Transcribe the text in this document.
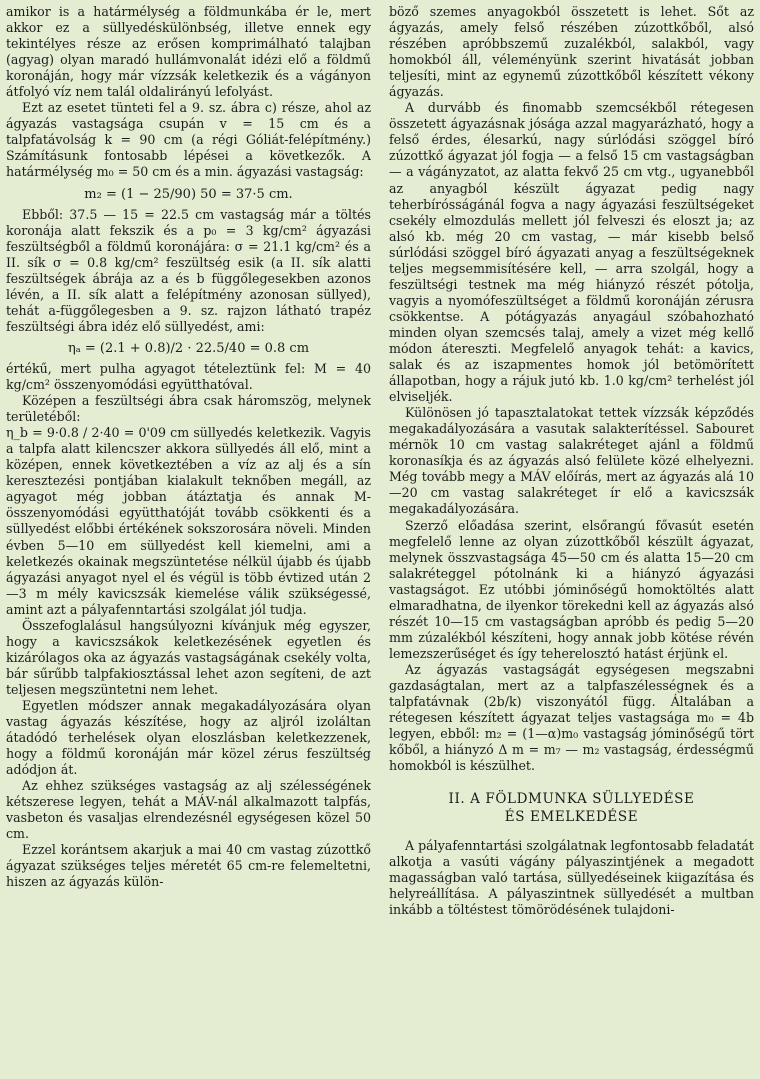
amikor is a határmélység a földmunkába ér le, mert akkor ez a süllyedéskülönbség, illetve ennek egy tekintélyes része az erősen komprimálható talajban (agyag) olyan maradó hullámvonalát idézi elő a földmű koronáján, hogy már vízzsák keletkezik és a vágányon átfolyó víz nem talál oldalirányú lefolyást.

Ezt az esetet tünteti fel a 9. sz. ábra c) része, ahol az ágyazás vastagsága csupán v = 15 cm és a talpfatávolság k = 90 cm (a régi Góliát-felépítmény.) Számításunk fontosabb lépései a következők. A határmélység m₀ = 50 cm és a min. ágyazási vastagság:

m₂ = (1 − 25/90) 50 = 37·5 cm.

Ebből: 37.5 — 15 = 22.5 cm vastagság már a töltés koronája alatt fekszik és a p₀ = 3 kg/cm² ágyazási feszültségből a földmű koronájára: σ = 21.1 kg/cm² és a II. sík σ = 0.8 kg/cm² feszültség esik (a II. sík alatti feszültségek ábrája az a és b függőlegesekben azonos lévén, a II. sík alatt a felépítmény azonosan süllyed), tehát a-függőlegesben a 9. sz. rajzon látható trapéz feszültségi ábra idéz elő süllyedést, ami:

ηₐ = (2.1 + 0.8)/2 · 22.5/40 = 0.8 cm

értékű, mert pulha agyagot tételeztünk fel: M = 40 kg/cm² összenyomódási együtthatóval.

Középen a feszültségi ábra csak háromszög, melynek területéből:

η_b = 9·0.8 / 2·40 = 0'09 cm süllyedés keletkezik. Vagyis a talpfa alatt kilencszer akkora süllyedés áll elő, mint a középen, ennek következtében a víz az alj és a sín keresztezési pontjában kialakult teknőben megáll, az agyagot még jobban átáztatja és annak M-összenyomódási együtthatóját tovább csökkenti és a süllyedést előbbi értékének sokszorosára növeli. Minden évben 5—10 em süllyedést kell kiemelni, ami a keletkezés okainak megszüntetése nélkül újabb és újabb ágyazási anyagot nyel el és végül is több évtized után 2—3 m mély kavicszsák kiemelése válik szükségessé, amint azt a pályafenntartási szolgálat jól tudja.

Összefoglalásul hangsúlyozni kívánjuk még egyszer, hogy a kavicszsákok keletkezésének egyetlen és kizárólagos oka az ágyazás vastagságának csekély volta, bár sűrűbb talpfakiosztással lehet azon segíteni, de azt teljesen megszüntetni nem lehet.

Egyetlen módszer annak megakadályozására olyan vastag ágyazás készítése, hogy az aljról izoláltan átadódó terhelések olyan eloszlásban keletkezzenek, hogy a földmű koronáján már közel zérus feszültség adódjon át.

Az ehhez szükséges vastagság az alj szélességének kétszerese legyen, tehát a MÁV-nál alkalmazott talpfás, vasbeton és vasaljas elrendezésnél egységesen közel 50 cm.

Ezzel korántsem akarjuk a mai 40 cm vastag zúzottkő ágyazat szükséges teljes méretét 65 cm-re felemeltetni, hiszen az ágyazás külön-

böző szemes anyagokból összetett is lehet. Sőt az ágyazás, amely felső részében zúzottkőből, alsó részében apróbbszemű zuzalékból, salakból, vagy homokból áll, véleményünk szerint hivatását jobban teljesíti, mint az egynemű zúzottkőből készített vékony ágyazás.

A durvább és finomabb szemcsékből rétegesen összetett ágyazásnak jósága azzal magyarázható, hogy a felső érdes, élesarkú, nagy súrlódási szöggel bíró zúzottkő ágyazat jól fogja — a felső 15 cm vastagságban — a vágányzatot, az alatta fekvő 25 cm vtg., ugyanebből az anyagból készült ágyazat pedig nagy teherbírósságánál fogva a nagy ágyazási feszültségeket csekély elmozdulás mellett jól felveszi és eloszt ja; az alsó kb. még 20 cm vastag, — már kisebb belső súrlódási szöggel bíró ágyazati anyag a feszültségeknek teljes megsemmisítésére kell, — arra szolgál, hogy a feszültségi testnek ma még hiányzó részét pótolja, vagyis a nyomófeszültséget a földmű koronáján zérusra csökkentse. A pótágyazás anyagául szóbahozható minden olyan szemcsés talaj, amely a vizet még kellő módon átereszti. Megfelelő anyagok tehát: a kavics, salak és az iszapmentes homok jól betömörített állapotban, hogy a rájuk jutó kb. 1.0 kg/cm² terhelést jól elviseljék.

Különösen jó tapasztalatokat tettek vízzsák képződés megakadályozására a vasutak salakterítéssel. Sabouret mérnök 10 cm vastag salakréteget ajánl a földmű koronasíkja és az ágyazás alsó felülete közé elhelyezni. Még tovább megy a MÁV előírás, mert az ágyazás alá 10—20 cm vastag salakréteget ír elő a kavicszsák megakadályozására.

Szerző előadása szerint, elsőrangú fővasút esetén megfelelő lenne az olyan zúzottkőből készült ágyazat, melynek összvastagsága 45—50 cm és alatta 15—20 cm salakréteggel pótolnánk ki a hiányzó ágyazási vastagságot. Ez utóbbi jóminőségű homoktöltés alatt elmaradhatna, de ilyenkor törekedni kell az ágyazás alsó részét 10—15 cm vastagságban apróbb és pedig 5—20 mm zúzalékból készíteni, hogy annak jobb kötése révén lemezszerűséget és így teherelosztó hatást érjünk el.

Az ágyazás vastagságát egységesen megszabni gazdaságtalan, mert az a talpfaszélességnek és a talpfatávnak (2b/k) viszonyától függ. Általában a rétegesen készített ágyazat teljes vastagsága m₀ = 4b legyen, ebből: m₂ = (1—α)m₀ vastagság jóminőségű tört kőből, a hiányzó Δ m = m₇ — m₂ vastagság, érdességmű homokból is készülhet.

II. A FÖLDMUNKA SÜLLYEDÉSE
ÉS EMELKEDÉSE

A pályafenntartási szolgálatnak legfontosabb feladatát alkotja a vasúti vágány pályaszintjének a megadott magasságban való tartása, süllyedéseinek kiigazítása és helyreállítása. A pályaszintnek süllyedését a multban inkább a töltéstest tömörödésének tulajdoni-
